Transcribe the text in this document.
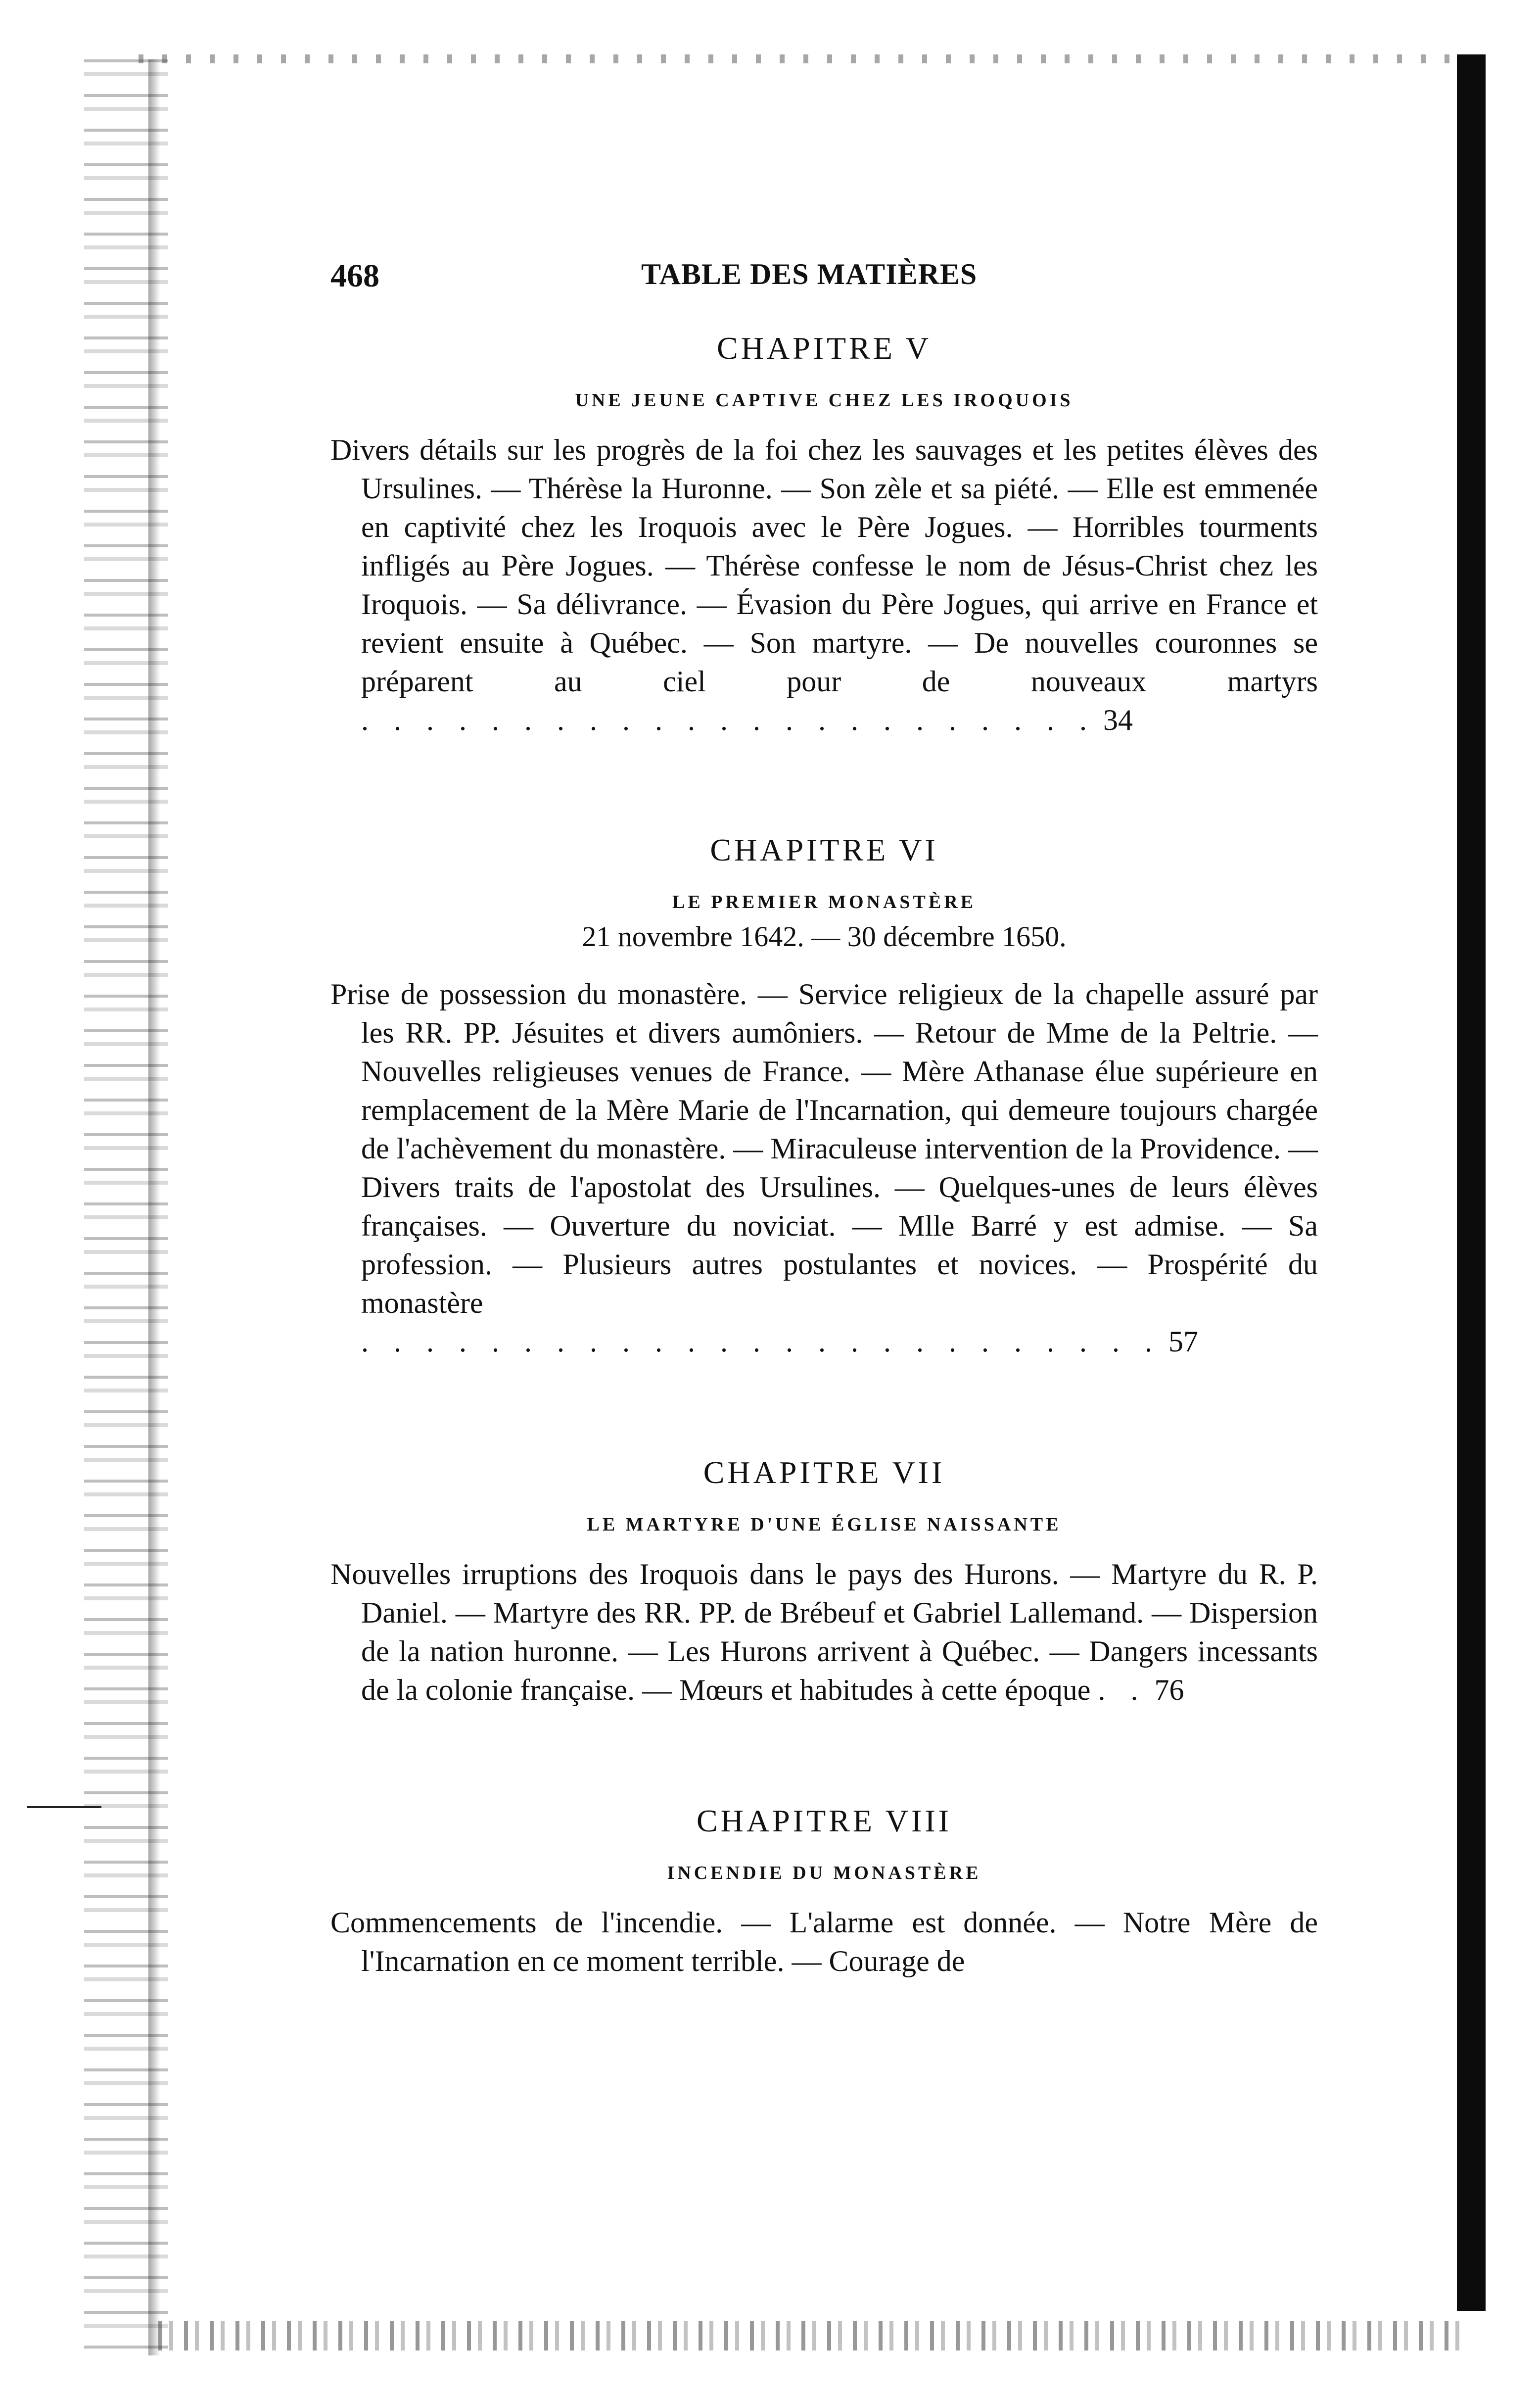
468	TABLE DES MATIÈRES
CHAPITRE V

UNE JEUNE CAPTIVE CHEZ LES IROQUOIS

Divers détails sur les progrès de la foi chez les sauvages et les petites élèves des Ursulines. — Thérèse la Huronne. — Son zèle et sa piété. — Elle est emmenée en captivité chez les Iroquois avec le Père Jogues. — Horribles tourments infligés au Père Jogues. — Thérèse confesse le nom de Jésus-Christ chez les Iroquois. — Sa délivrance. — Évasion du Père Jogues, qui arrive en France et revient ensuite à Québec. — Son martyre. — De nouvelles couronnes se préparent au ciel pour de nouveaux martyrs . . . . . . . . . . . . . . . . . . . . . . . 34

CHAPITRE VI

LE PREMIER MONASTÈRE

21 novembre 1642. — 30 décembre 1650.

Prise de possession du monastère. — Service religieux de la chapelle assuré par les RR. PP. Jésuites et divers aumôniers. — Retour de Mme de la Peltrie. — Nouvelles religieuses venues de France. — Mère Athanase élue supérieure en remplacement de la Mère Marie de l'Incarnation, qui demeure toujours chargée de l'achèvement du monastère. — Miraculeuse intervention de la Providence. — Divers traits de l'apostolat des Ursulines. — Quelques-unes de leurs élèves françaises. — Ouverture du noviciat. — Mlle Barré y est admise. — Sa profession. — Plusieurs autres postulantes et novices. — Prospérité du monastère . . . . . . . . . . . . . . . . . . . . . . . . . 57

CHAPITRE VII

LE MARTYRE D'UNE ÉGLISE NAISSANTE

Nouvelles irruptions des Iroquois dans le pays des Hurons. — Martyre du R. P. Daniel. — Martyre des RR. PP. de Brébeuf et Gabriel Lallemand. — Dispersion de la nation huronne. — Les Hurons arrivent à Québec. — Dangers incessants de la colonie française. — Mœurs et habitudes à cette époque . . 76

CHAPITRE VIII

INCENDIE DU MONASTÈRE

Commencements de l'incendie. — L'alarme est donnée. — Notre Mère de l'Incarnation en ce moment terrible. — Courage de
